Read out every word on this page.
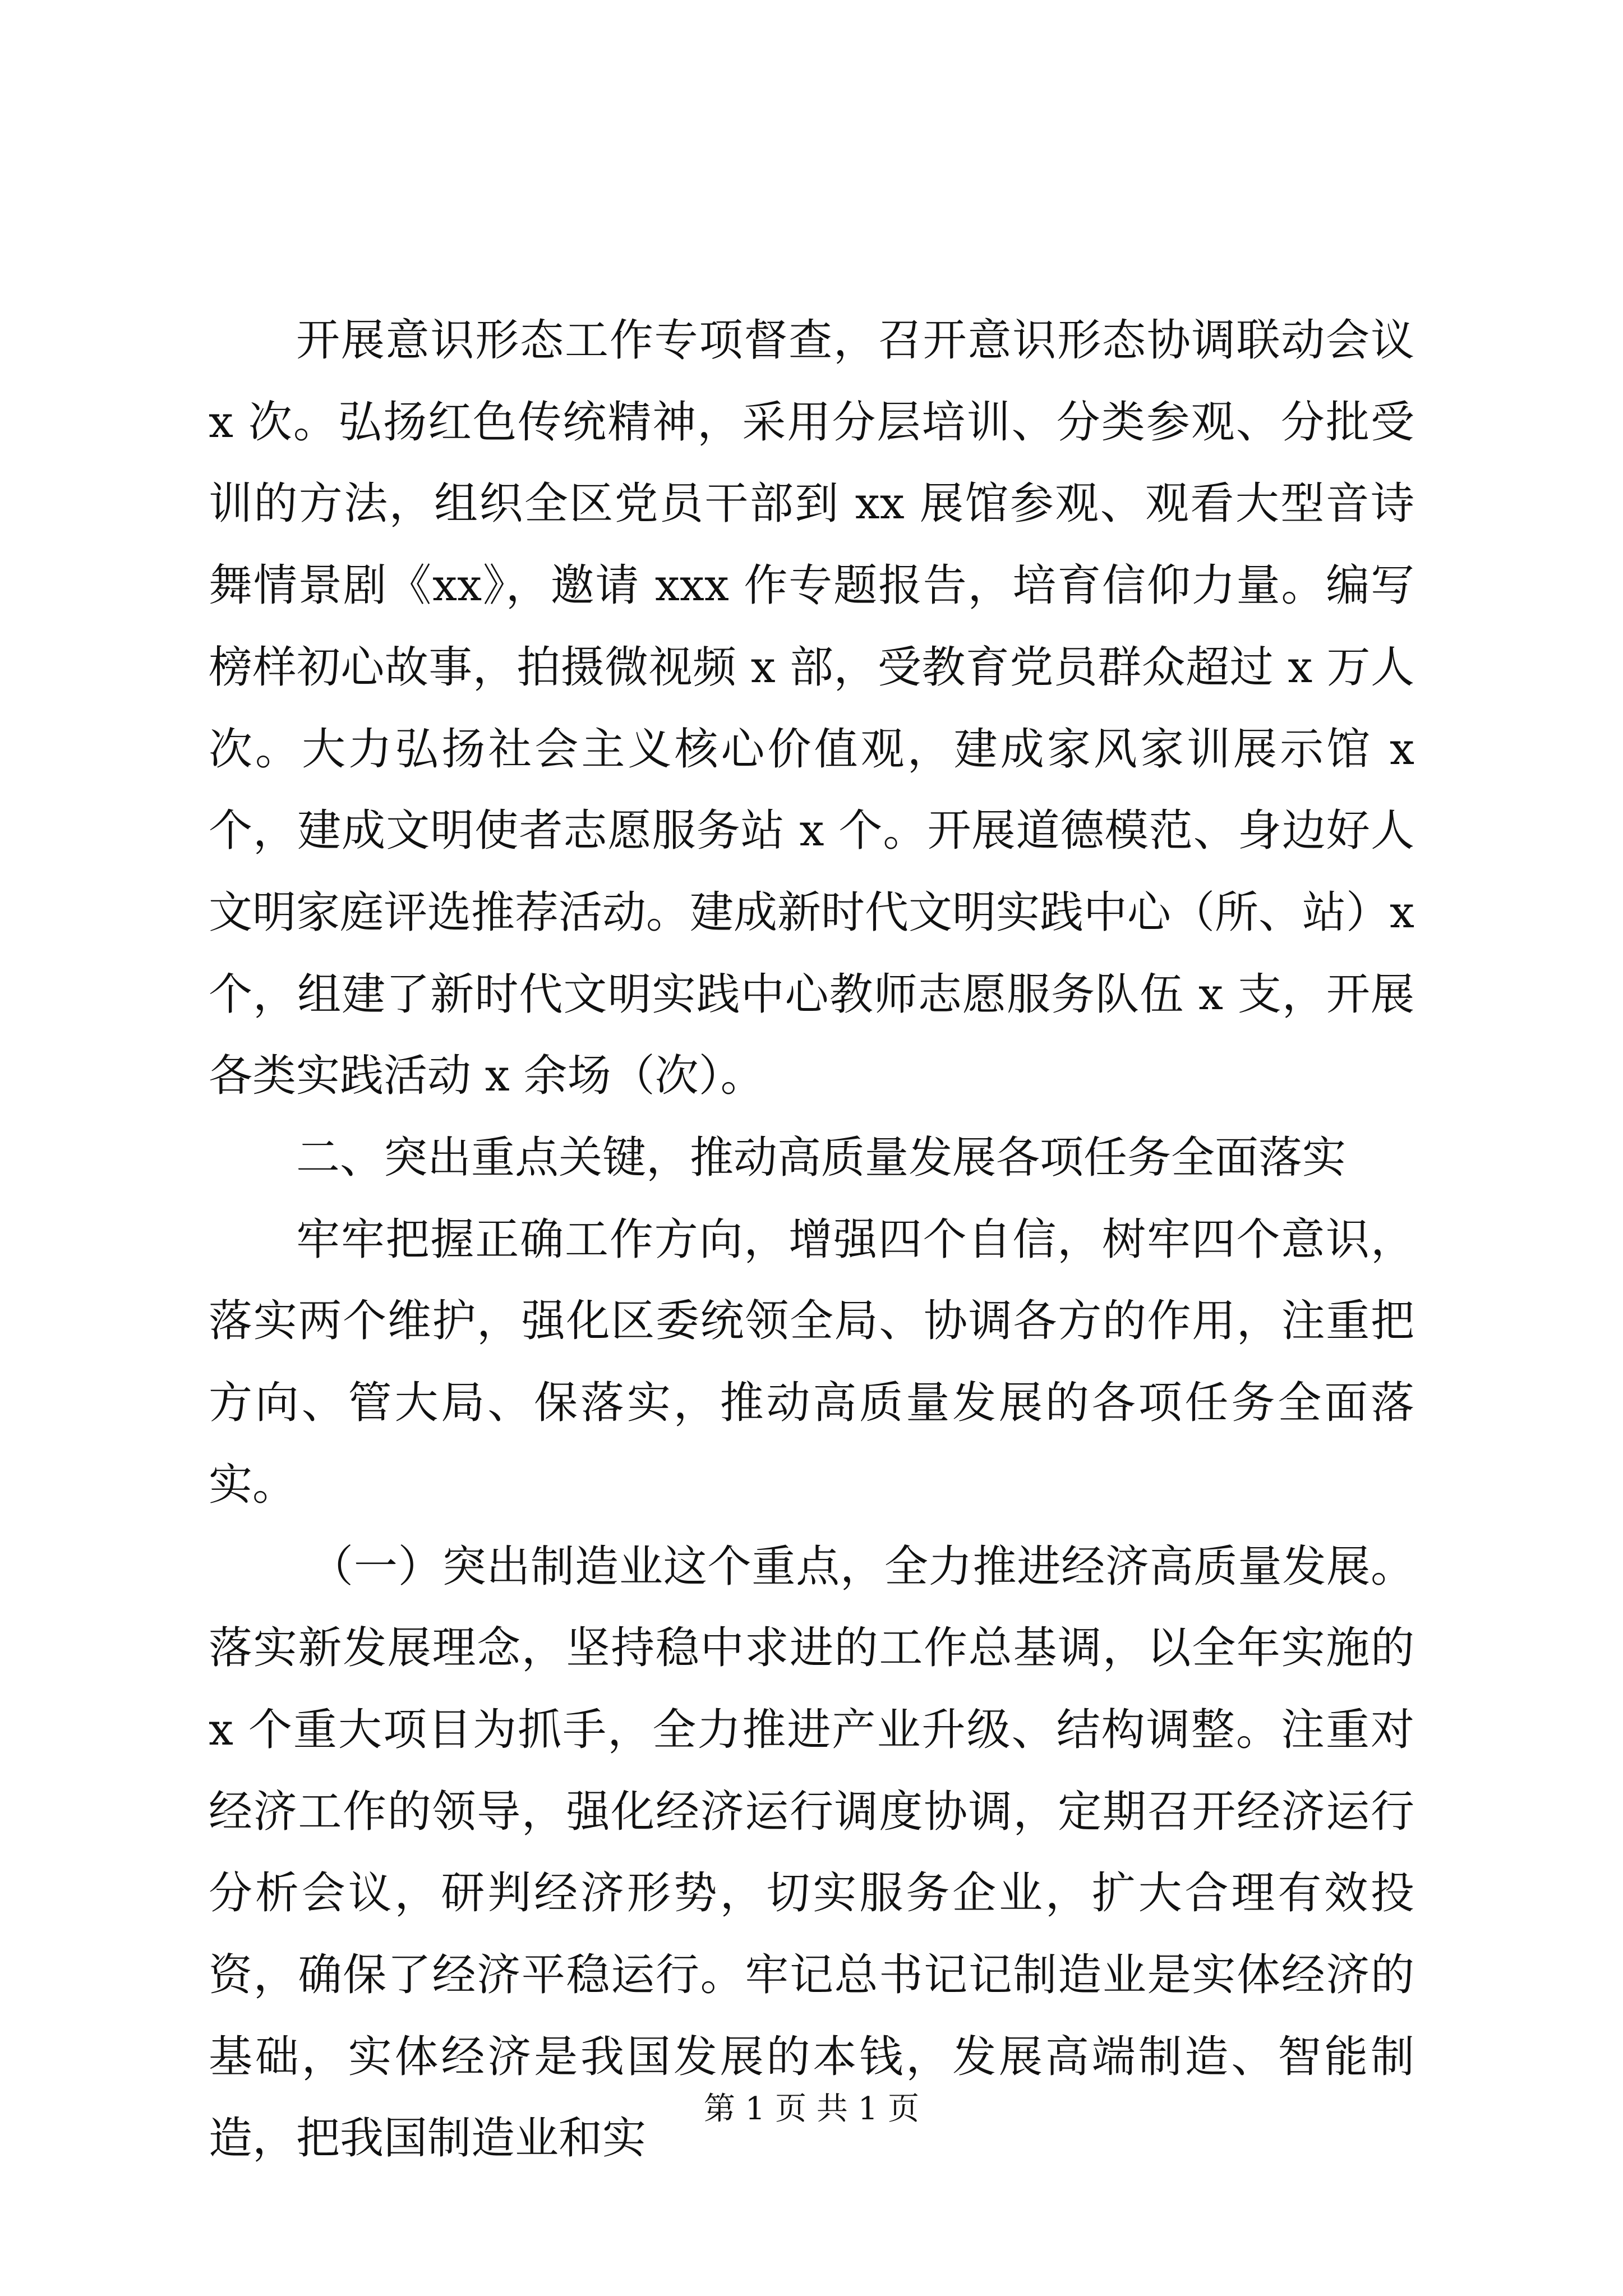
开展意识形态工作专项督查，召开意识形态协调联动会议 x 次。弘扬红色传统精神，采用分层培训、分类参观、分批受训的方法，组织全区党员干部到 xx 展馆参观、观看大型音诗舞情景剧《xx》，邀请 xxx 作专题报告，培育信仰力量。编写榜样初心故事，拍摄微视频 x 部，受教育党员群众超过 x 万人次。大力弘扬社会主义核心价值观，建成家风家训展示馆 x 个，建成文明使者志愿服务站 x 个。开展道德模范、身边好人文明家庭评选推荐活动。建成新时代文明实践中心（所、站）x 个，组建了新时代文明实践中心教师志愿服务队伍 x 支，开展各类实践活动 x 余场（次）。

二、突出重点关键，推动高质量发展各项任务全面落实

牢牢把握正确工作方向，增强四个自信，树牢四个意识，落实两个维护，强化区委统领全局、协调各方的作用，注重把方向、管大局、保落实，推动高质量发展的各项任务全面落实。

（一）突出制造业这个重点，全力推进经济高质量发展。落实新发展理念，坚持稳中求进的工作总基调，以全年实施的 x 个重大项目为抓手，全力推进产业升级、结构调整。注重对经济工作的领导，强化经济运行调度协调，定期召开经济运行分析会议，研判经济形势，切实服务企业，扩大合理有效投资，确保了经济平稳运行。牢记总书记记制造业是实体经济的基础，实体经济是我国发展的本钱，发展高端制造、智能制造，把我国制造业和实

第 1 页 共 1 页
